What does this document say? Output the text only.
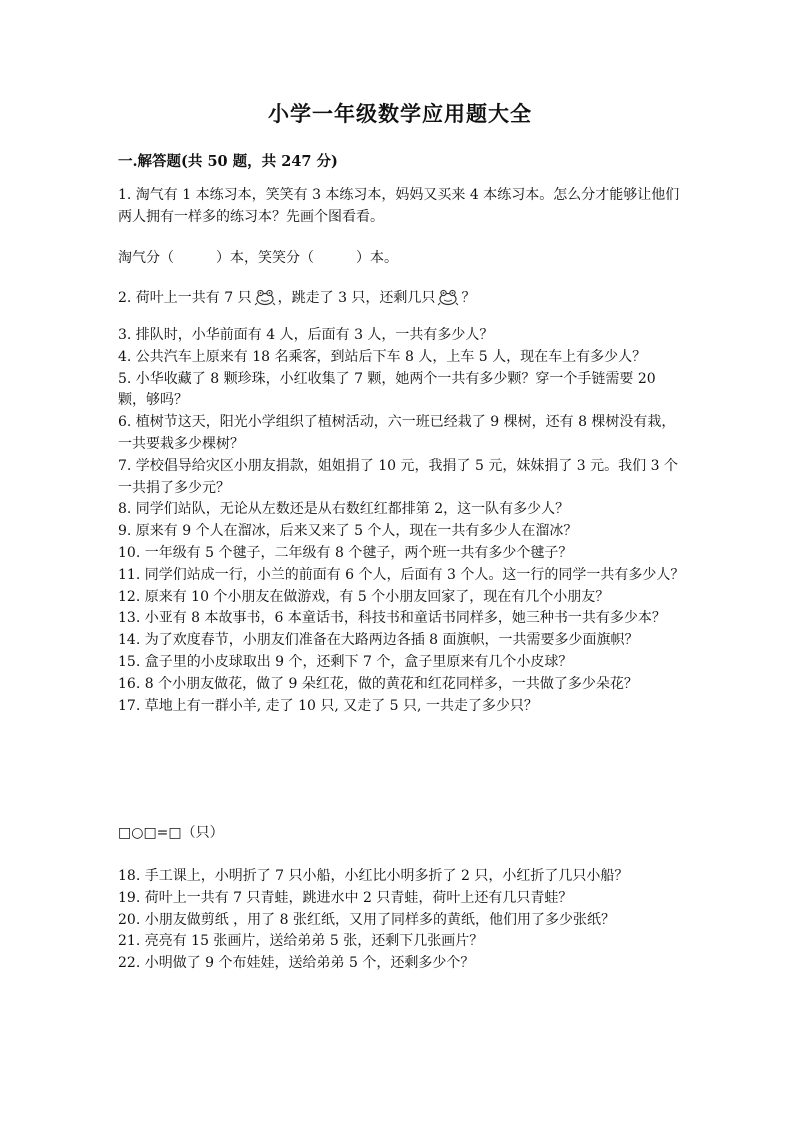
小学一年级数学应用题大全
一.解答题(共 50 题，共 247 分)

1. 淘气有 1 本练习本，笑笑有 3 本练习本，妈妈又买来 4 本练习本。怎么分才能够让他们两人拥有一样多的练习本？先画个图看看。

淘气分（　　　）本，笑笑分（　　　）本。

2. 荷叶上一共有 7 只 ，跳走了 3 只，还剩几只 ？

3. 排队时，小华前面有 4 人，后面有 3 人，一共有多少人？

4. 公共汽车上原来有 18 名乘客，到站后下车 8 人，上车 5 人，现在车上有多少人？

5. 小华收藏了 8 颗珍珠，小红收集了 7 颗，她两个一共有多少颗？穿一个手链需要 20 颗，够吗？

6. 植树节这天，阳光小学组织了植树活动，六一班已经栽了 9 棵树，还有 8 棵树没有栽，一共要栽多少棵树？

7. 学校倡导给灾区小朋友捐款，姐姐捐了 10 元，我捐了 5 元，妹妹捐了 3 元。我们 3 个一共捐了多少元？

8. 同学们站队，无论从左数还是从右数红红都排第 2，这一队有多少人？

9. 原来有 9 个人在溜冰，后来又来了 5 个人，现在一共有多少人在溜冰？

10. 一年级有 5 个毽子，二年级有 8 个毽子，两个班一共有多少个毽子？

11. 同学们站成一行，小兰的前面有 6 个人，后面有 3 个人。这一行的同学一共有多少人？

12. 原来有 10 个小朋友在做游戏，有 5 个小朋友回家了，现在有几个小朋友？

13. 小亚有 8 本故事书，6 本童话书，科技书和童话书同样多，她三种书一共有多少本？

14. 为了欢度春节，小朋友们准备在大路两边各插 8 面旗帜，一共需要多少面旗帜？

15. 盒子里的小皮球取出 9 个，还剩下 7 个，盒子里原来有几个小皮球？

16. 8 个小朋友做花，做了 9 朵红花，做的黄花和红花同样多，一共做了多少朵花？

17. 草地上有一群小羊, 走了 10 只, 又走了 5 只, 一共走了多少只？

□○□=□（只）

18. 手工课上，小明折了 7 只小船，小红比小明多折了 2 只，小红折了几只小船？

19. 荷叶上一共有 7 只青蛙，跳进水中 2 只青蛙，荷叶上还有几只青蛙？

20. 小朋友做剪纸 ，用了 8 张红纸，又用了同样多的黄纸，他们用了多少张纸？

21. 亮亮有 15 张画片，送给弟弟 5 张，还剩下几张画片？

22. 小明做了 9 个布娃娃，送给弟弟 5 个，还剩多少个？
